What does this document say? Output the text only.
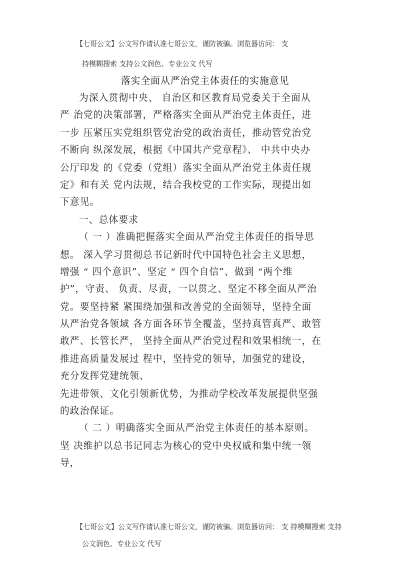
【七哥公文】公文写作请认准七哥公文，谨防被骗。浏览器访问： 支
持模糊搜索 支持公文润色、专业公文 代写
落实全面从严治党主体责任的实施意见
为深入贯彻中央、 自治区和区教育局党委关于全面从
严 治党的决策部署，严格落实全面从严治党主体责任，进
一步 压紧压实党组织管党治党的政治责任，推动管党治党
不断向 纵深发展，根据《中国共产党章程》、 中共中央办
公厅印发 的《党委（党组）落实全面从严治党主体责任规
定》和有关 党内法规，结合我校党的工作实际，现提出如
下意见。
一、总体要求
（ 一 ）准确把握落实全面从严治党主体责任的指导思
想。 深入学习贯彻总书记新时代中国特色社会主义思想，
增强 “ 四个意识”、坚定 “ 四个自信”、做到 “两个维
护”，守责、 负责、尽责，一以贯之、坚定不移全面从严治
党。要坚持紧 紧围绕加强和改善党的全面领导，坚持全面
从严治党各领域 各方面各环节全覆盖，坚持真管真严、敢管
敢严、长管长严， 坚持全面从严治党过程和效果相统一，在
推进高质量发展过 程中，坚持党的领导，加强党的建设，
充分发挥党建统领、
先进带领、文化引领新优势，为推动学校改革发展提供坚强
的政治保证。
（ 二 ）明确落实全面从严治党主体责任的基本原则。
坚 决维护以总书记同志为核心的党中央权威和集中统一领
导，
【七哥公文】公文写作请认准七哥公文，谨防被骗。浏览器访问： 支 持模糊搜索 支持
公文润色、专业公文 代写
